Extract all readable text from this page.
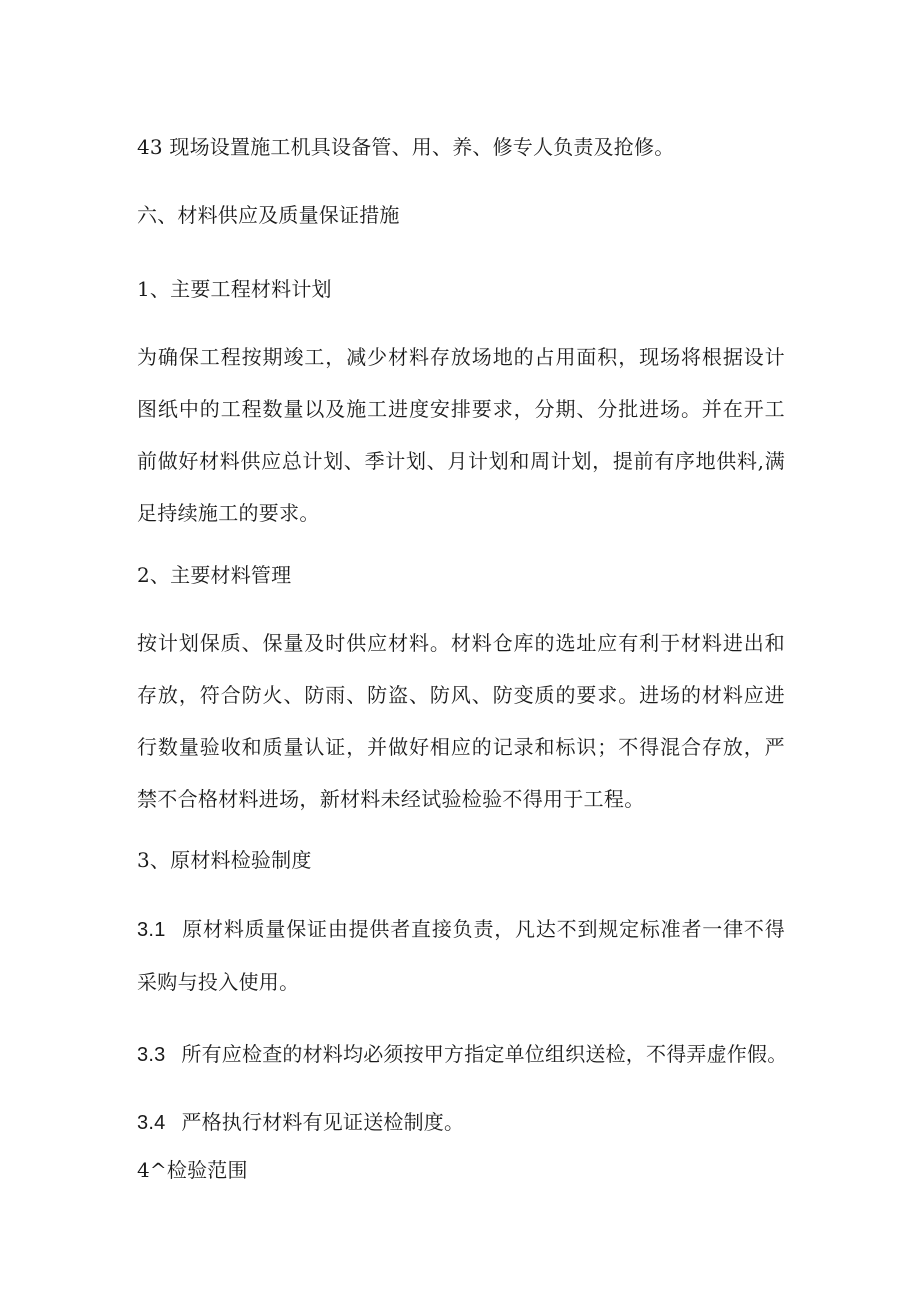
43 现场设置施工机具设备管、用、养、修专人负责及抢修。
六、材料供应及质量保证措施
1、主要工程材料计划
为确保工程按期竣工，减少材料存放场地的占用面积，现场将根据设计图纸中的工程数量以及施工进度安排要求，分期、分批进场。并在开工前做好材料供应总计划、季计划、月计划和周计划，提前有序地供料,满足持续施工的要求。
2、主要材料管理
按计划保质、保量及时供应材料。材料仓库的选址应有利于材料进出和存放，符合防火、防雨、防盗、防风、防变质的要求。进场的材料应进行数量验收和质量认证，并做好相应的记录和标识；不得混合存放，严禁不合格材料进场，新材料未经试验检验不得用于工程。
3、原材料检验制度
3.1 原材料质量保证由提供者直接负责，凡达不到规定标准者一律不得采购与投入使用。
3.3 所有应检查的材料均必须按甲方指定单位组织送检，不得弄虚作假。
3.4 严格执行材料有见证送检制度。
4^检验范围
